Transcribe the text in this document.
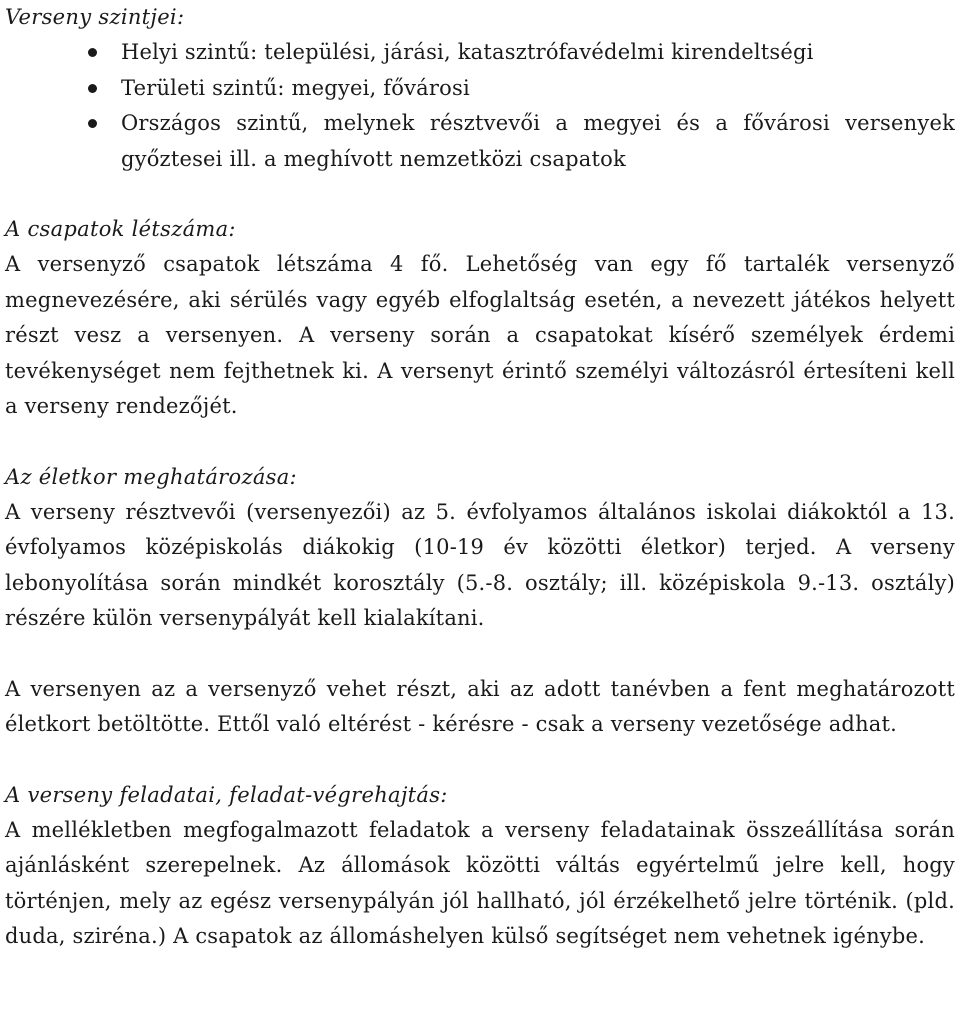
Verseny szintjei:

Helyi szintű: települési, járási, katasztrófavédelmi kirendeltségi
Területi szintű: megyei, fővárosi
Országos szintű, melynek résztvevői a megyei és a fővárosi versenyek győztesei ill. a meghívott nemzetközi csapatok

A csapatok létszáma:

A versenyző csapatok létszáma 4 fő. Lehetőség van egy fő tartalék versenyző megnevezésére, aki sérülés vagy egyéb elfoglaltság esetén, a nevezett játékos helyett részt vesz a versenyen. A verseny során a csapatokat kísérő személyek érdemi tevékenységet nem fejthetnek ki. A versenyt érintő személyi változásról értesíteni kell a verseny rendezőjét.

Az életkor meghatározása:

A verseny résztvevői (versenyezői) az 5. évfolyamos általános iskolai diákoktól a 13. évfolyamos középiskolás diákokig (10-19 év közötti életkor) terjed. A verseny lebonyolítása során mindkét korosztály (5.-8. osztály; ill. középiskola 9.-13. osztály) részére külön versenypályát kell kialakítani.

A versenyen az a versenyző vehet részt, aki az adott tanévben a fent meghatározott életkort betöltötte. Ettől való eltérést - kérésre - csak a verseny vezetősége adhat.

A verseny feladatai, feladat-végrehajtás:

A mellékletben megfogalmazott feladatok a verseny feladatainak összeállítása során ajánlásként szerepelnek. Az állomások közötti váltás egyértelmű jelre kell, hogy történjen, mely az egész versenypályán jól hallható, jól érzékelhető jelre történik. (pld. duda, sziréna.) A csapatok az állomáshelyen külső segítséget nem vehetnek igénybe.
